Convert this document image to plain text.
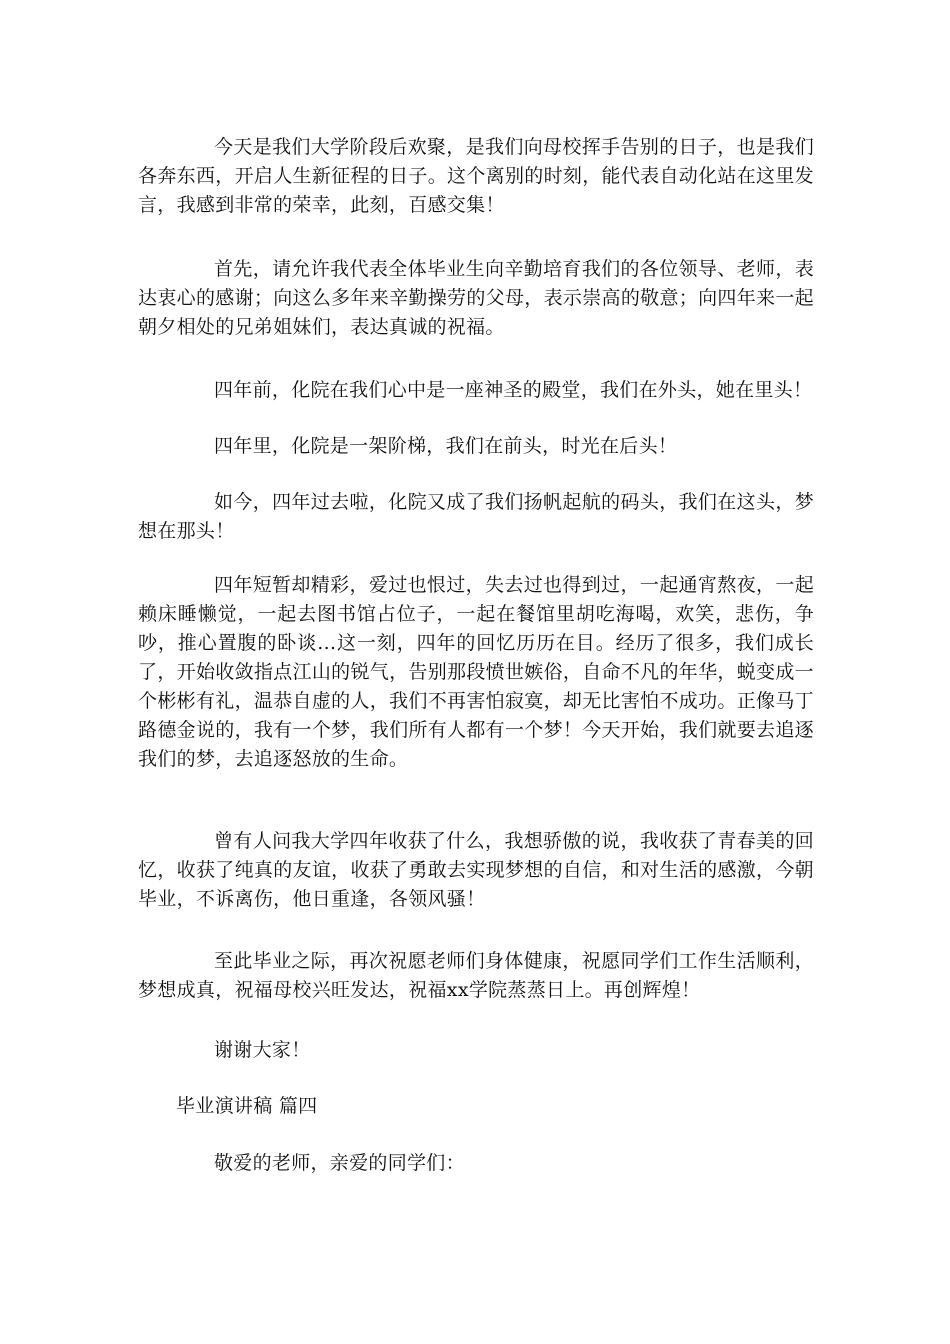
今天是我们大学阶段后欢聚，是我们向母校挥手告别的日子，也是我们各奔东西，开启人生新征程的日子。这个离别的时刻，能代表自动化站在这里发言，我感到非常的荣幸，此刻，百感交集！

首先，请允许我代表全体毕业生向辛勤培育我们的各位领导、老师，表达衷心的感谢；向这么多年来辛勤操劳的父母，表示崇高的敬意；向四年来一起朝夕相处的兄弟姐妹们，表达真诚的祝福。

四年前，化院在我们心中是一座神圣的殿堂，我们在外头，她在里头！

四年里，化院是一架阶梯，我们在前头，时光在后头！

如今，四年过去啦，化院又成了我们扬帆起航的码头，我们在这头，梦想在那头！

四年短暂却精彩，爱过也恨过，失去过也得到过，一起通宵熬夜，一起赖床睡懒觉，一起去图书馆占位子，一起在餐馆里胡吃海喝，欢笑，悲伤，争吵，推心置腹的卧谈…这一刻，四年的回忆历历在目。经历了很多，我们成长了，开始收敛指点江山的锐气，告别那段愤世嫉俗，自命不凡的年华，蜕变成一个彬彬有礼，温恭自虚的人，我们不再害怕寂寞，却无比害怕不成功。正像马丁路德金说的，我有一个梦，我们所有人都有一个梦！今天开始，我们就要去追逐我们的梦，去追逐怒放的生命。

曾有人问我大学四年收获了什么，我想骄傲的说，我收获了青春美的回忆，收获了纯真的友谊，收获了勇敢去实现梦想的自信，和对生活的感激，今朝毕业，不诉离伤，他日重逢，各领风骚！

至此毕业之际，再次祝愿老师们身体健康，祝愿同学们工作生活顺利，梦想成真，祝福母校兴旺发达，祝福xx学院蒸蒸日上。再创辉煌！

谢谢大家！

毕业演讲稿 篇四

敬爱的老师，亲爱的同学们：
